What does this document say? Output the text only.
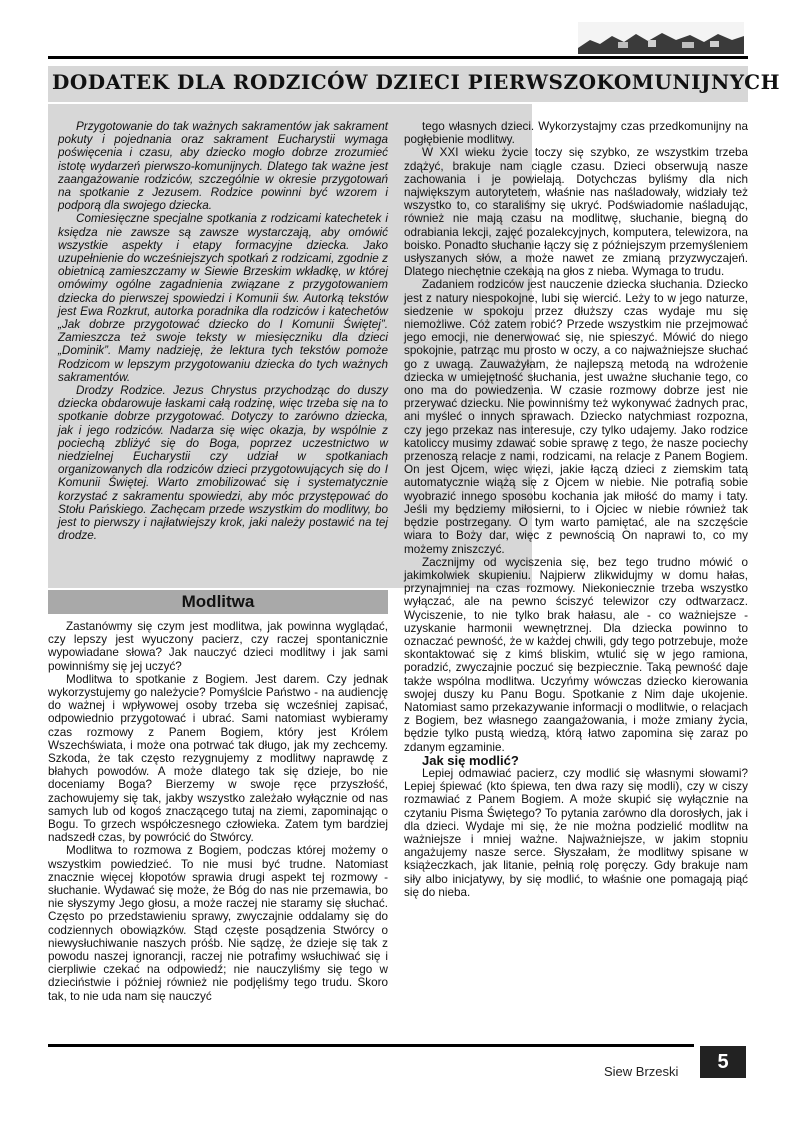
DODATEK DLA RODZICÓW DZIECI PIERWSZOKOMUNIJNYCH

Przygotowanie do tak ważnych sakramentów jak sakrament pokuty i pojednania oraz sakrament Eucharystii wymaga poświęcenia i czasu, aby dziecko mogło dobrze zrozumieć istotę wydarzeń pierwszo-komunijnych. Dlatego tak ważne jest zaangażowanie rodziców, szczególnie w okresie przygotowań na spotkanie z Jezusem. Rodzice powinni być wzorem i podporą dla swojego dziecka.

Comiesięczne specjalne spotkania z rodzicami katechetek i księdza nie zawsze są zawsze wystarczają, aby omówić wszystkie aspekty i etapy formacyjne dziecka. Jako uzupełnienie do wcześniejszych spotkań z rodzicami, zgodnie z obietnicą zamieszczamy w Siewie Brzeskim wkładkę, w której omówimy ogólne zagadnienia związane z przygotowaniem dziecka do pierwszej spowiedzi i Komunii św. Autorką tekstów jest Ewa Rozkrut, autorka poradnika dla rodziców i katechetów „Jak dobrze przygotować dziecko do I Komunii Świętej”. Zamieszcza też swoje teksty w miesięczniku dla dzieci „Dominik”. Mamy nadzieję, że lektura tych tekstów pomoże Rodzicom w lepszym przygotowaniu dziecka do tych ważnych sakramentów.

Drodzy Rodzice. Jezus Chrystus przychodząc do duszy dziecka obdarowuje łaskami całą rodzinę, więc trzeba się na to spotkanie dobrze przygotować. Dotyczy to zarówno dziecka, jak i jego rodziców. Nadarza się więc okazja, by wspólnie z pociechą zbliżyć się do Boga, poprzez uczestnictwo w niedzielnej Eucharystii czy udział w spotkaniach organizowanych dla rodziców dzieci przygotowujących się do I Komunii Świętej. Warto zmobilizować się i systematycznie korzystać z sakramentu spowiedzi, aby móc przystępować do Stołu Pańskiego. Zachęcam przede wszystkim do modlitwy, bo jest to pierwszy i najłatwiejszy krok, jaki należy postawić na tej drodze.

Modlitwa

Zastanówmy się czym jest modlitwa, jak powinna wyglądać, czy lepszy jest wyuczony pacierz, czy raczej spontanicznie wypowiadane słowa? Jak nauczyć dzieci modlitwy i jak sami powinniśmy się jej uczyć?

Modlitwa to spotkanie z Bogiem. Jest darem. Czy jednak wykorzystujemy go należycie? Pomyślcie Państwo - na audiencję do ważnej i wpływowej osoby trzeba się wcześniej zapisać, odpowiednio przygotować i ubrać. Sami natomiast wybieramy czas rozmowy z Panem Bogiem, który jest Królem Wszechświata, i może ona potrwać tak długo, jak my zechcemy. Szkoda, że tak często rezygnujemy z modlitwy naprawdę z błahych powodów. A może dlatego tak się dzieje, bo nie doceniamy Boga? Bierzemy w swoje ręce przyszłość, zachowujemy się tak, jakby wszystko zależało wyłącznie od nas samych lub od kogoś znaczącego tutaj na ziemi, zapominając o Bogu. To grzech współczesnego człowieka. Zatem tym bardziej nadszedł czas, by powrócić do Stwórcy.

Modlitwa to rozmowa z Bogiem, podczas której możemy o wszystkim powiedzieć. To nie musi być trudne. Natomiast znacznie więcej kłopotów sprawia drugi aspekt tej rozmowy - słuchanie. Wydawać się może, że Bóg do nas nie przemawia, bo nie słyszymy Jego głosu, a może raczej nie staramy się słuchać. Często po przedstawieniu sprawy, zwyczajnie oddalamy się do codziennych obowiązków. Stąd częste posądzenia Stwórcy o niewysłuchiwanie naszych próśb. Nie sądzę, że dzieje się tak z powodu naszej ignorancji, raczej nie potrafimy wsłuchiwać się i cierpliwie czekać na odpowiedź; nie nauczyliśmy się tego w dzieciństwie i później również nie podjęliśmy tego trudu. Skoro tak, to nie uda nam się nauczyć

tego własnych dzieci. Wykorzystajmy czas przedkomunijny na pogłębienie modlitwy.

W XXI wieku życie toczy się szybko, ze wszystkim trzeba zdążyć, brakuje nam ciągle czasu. Dzieci obserwują nasze zachowania i je powielają. Dotychczas byliśmy dla nich największym autorytetem, właśnie nas naśladowały, widziały też wszystko to, co staraliśmy się ukryć. Podświadomie naśladując, również nie mają czasu na modlitwę, słuchanie, biegną do odrabiania lekcji, zajęć pozalekcyjnych, komputera, telewizora, na boisko. Ponadto słuchanie łączy się z późniejszym przemyśleniem usłyszanych słów, a może nawet ze zmianą przyzwyczajeń. Dlatego niechętnie czekają na głos z nieba. Wymaga to trudu.

Zadaniem rodziców jest nauczenie dziecka słuchania. Dziecko jest z natury niespokojne, lubi się wiercić. Leży to w jego naturze, siedzenie w spokoju przez dłuższy czas wydaje mu się niemożliwe. Cóż zatem robić? Przede wszystkim nie przejmować jego emocji, nie denerwować się, nie spieszyć. Mówić do niego spokojnie, patrząc mu prosto w oczy, a co najważniejsze słuchać go z uwagą. Zauważyłam, że najlepszą metodą na wdrożenie dziecka w umiejętność słuchania, jest uważne słuchanie tego, co ono ma do powiedzenia. W czasie rozmowy dobrze jest nie przerywać dziecku. Nie powinniśmy też wykonywać żadnych prac, ani myśleć o innych sprawach. Dziecko natychmiast rozpozna, czy jego przekaz nas interesuje, czy tylko udajemy. Jako rodzice katoliccy musimy zdawać sobie sprawę z tego, że nasze pociechy przenoszą relacje z nami, rodzicami, na relacje z Panem Bogiem. On jest Ojcem, więc więzi, jakie łączą dzieci z ziemskim tatą automatycznie wiążą się z Ojcem w niebie. Nie potrafią sobie wyobrazić innego sposobu kochania jak miłość do mamy i taty. Jeśli my będziemy miłosierni, to i Ojciec w niebie również tak będzie postrzegany. O tym warto pamiętać, ale na szczęście wiara to Boży dar, więc z pewnością On naprawi to, co my możemy zniszczyć.

Zacznijmy od wyciszenia się, bez tego trudno mówić o jakimkolwiek skupieniu. Najpierw zlikwidujmy w domu hałas, przynajmniej na czas rozmowy. Niekoniecznie trzeba wszystko wyłączać, ale na pewno ściszyć telewizor czy odtwarzacz. Wyciszenie, to nie tylko brak hałasu, ale - co ważniejsze - uzyskanie harmonii wewnętrznej. Dla dziecka powinno to oznaczać pewność, że w każdej chwili, gdy tego potrzebuje, może skontaktować się z kimś bliskim, wtulić się w jego ramiona, poradzić, zwyczajnie poczuć się bezpiecznie. Taką pewność daje także wspólna modlitwa. Uczyńmy wówczas dziecko kierowania swojej duszy ku Panu Bogu. Spotkanie z Nim daje ukojenie. Natomiast samo przekazywanie informacji o modlitwie, o relacjach z Bogiem, bez własnego zaangażowania, i może zmiany życia, będzie tylko pustą wiedzą, którą łatwo zapomina się zaraz po zdanym egzaminie.

Jak się modlić?

Lepiej odmawiać pacierz, czy modlić się własnymi słowami? Lepiej śpiewać (kto śpiewa, ten dwa razy się modli), czy w ciszy rozmawiać z Panem Bogiem. A może skupić się wyłącznie na czytaniu Pisma Świętego? To pytania zarówno dla dorosłych, jak i dla dzieci. Wydaje mi się, że nie można podzielić modlitw na ważniejsze i mniej ważne. Najważniejsze, w jakim stopniu angażujemy nasze serce. Słyszałam, że modlitwy spisane w książeczkach, jak litanie, pełnią rolę poręczy. Gdy brakuje nam siły albo inicjatywy, by się modlić, to właśnie one pomagają piąć się do nieba.

Siew Brzeski	5
